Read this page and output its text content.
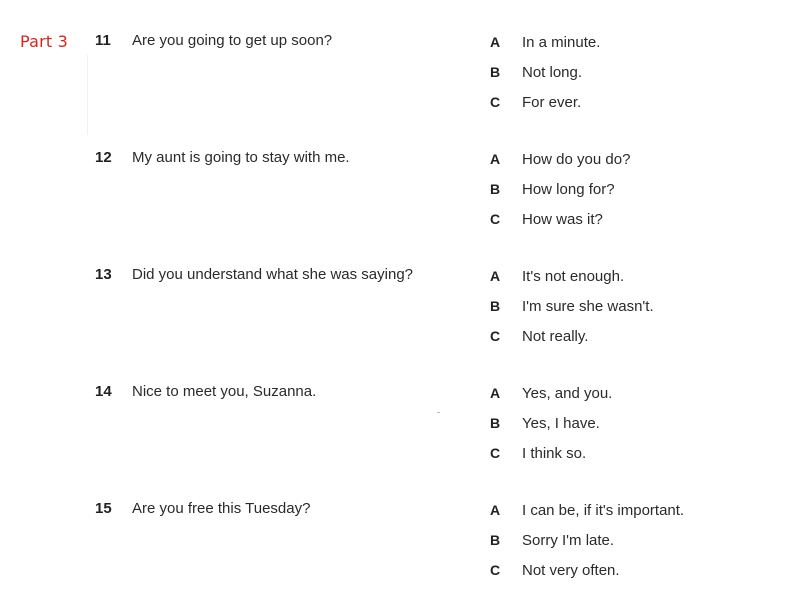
Part 3 11 Are you going to get up soon?	A In a minute.
B Not long.
C For ever.
12 My aunt is going to stay with me.	A How do you do?
B How long for?
C How was it?
13 Did you understand what she was saying?	A It's not enough.
B I'm sure she wasn't.
C Not really.
14 Nice to meet you, Suzanna.	A Yes, and you.
B Yes, I have.
C I think so.
15 Are you free this Tuesday?	A I can be, if it's important.
B Sorry I'm late.
C Not very often.
